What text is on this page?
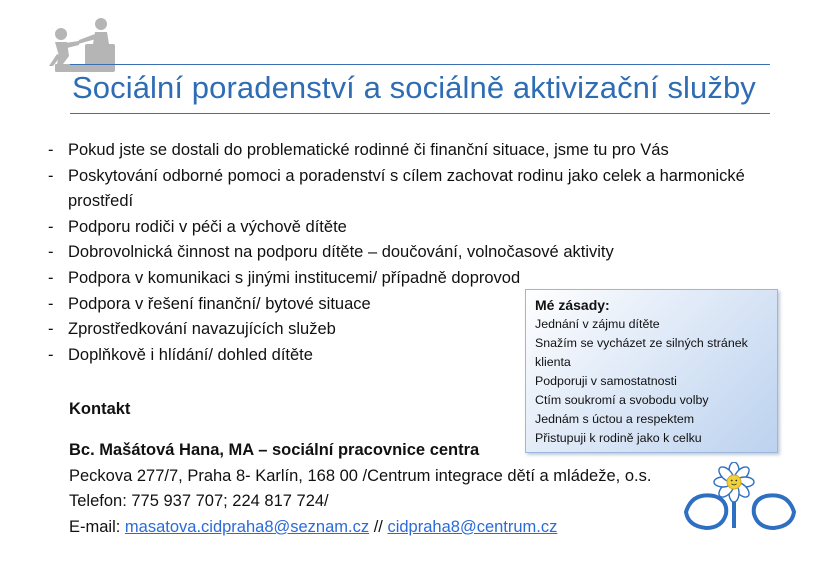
Sociální poradenství a sociálně aktivizační služby
- Pokud jste se dostali do problematické rodinné či finanční situace, jsme tu pro Vás
- Poskytování odborné pomoci a poradenství s cílem zachovat rodinu jako celek a harmonické prostředí
- Podporu rodiči v péči a výchově dítěte
- Dobrovolnická činnost na podporu dítěte – doučování, volnočasové aktivity
- Podpora v komunikaci s jinými institucemi/ případně doprovod
- Podpora v řešení finanční/ bytové situace
- Zprostředkování navazujících služeb
- Doplňkově i hlídání/ dohled dítěte
Kontakt
Bc. Mašátová Hana, MA – sociální pracovnice centra
Peckova 277/7, Praha 8- Karlín, 168 00 /Centrum integrace dětí a mládeže, o.s.
Telefon: 775 937 707; 224 817 724/
E-mail: masatova.cidpraha8@seznam.cz // cidpraha8@centrum.cz
Mé zásady:
Jednání v zájmu dítěte
Snažím se vycházet ze silných stránek
klienta
Podporuji v samostatnosti
Ctím soukromí a svobodu volby
Jednám s úctou a respektem
Přistupuji k rodině jako k celku
